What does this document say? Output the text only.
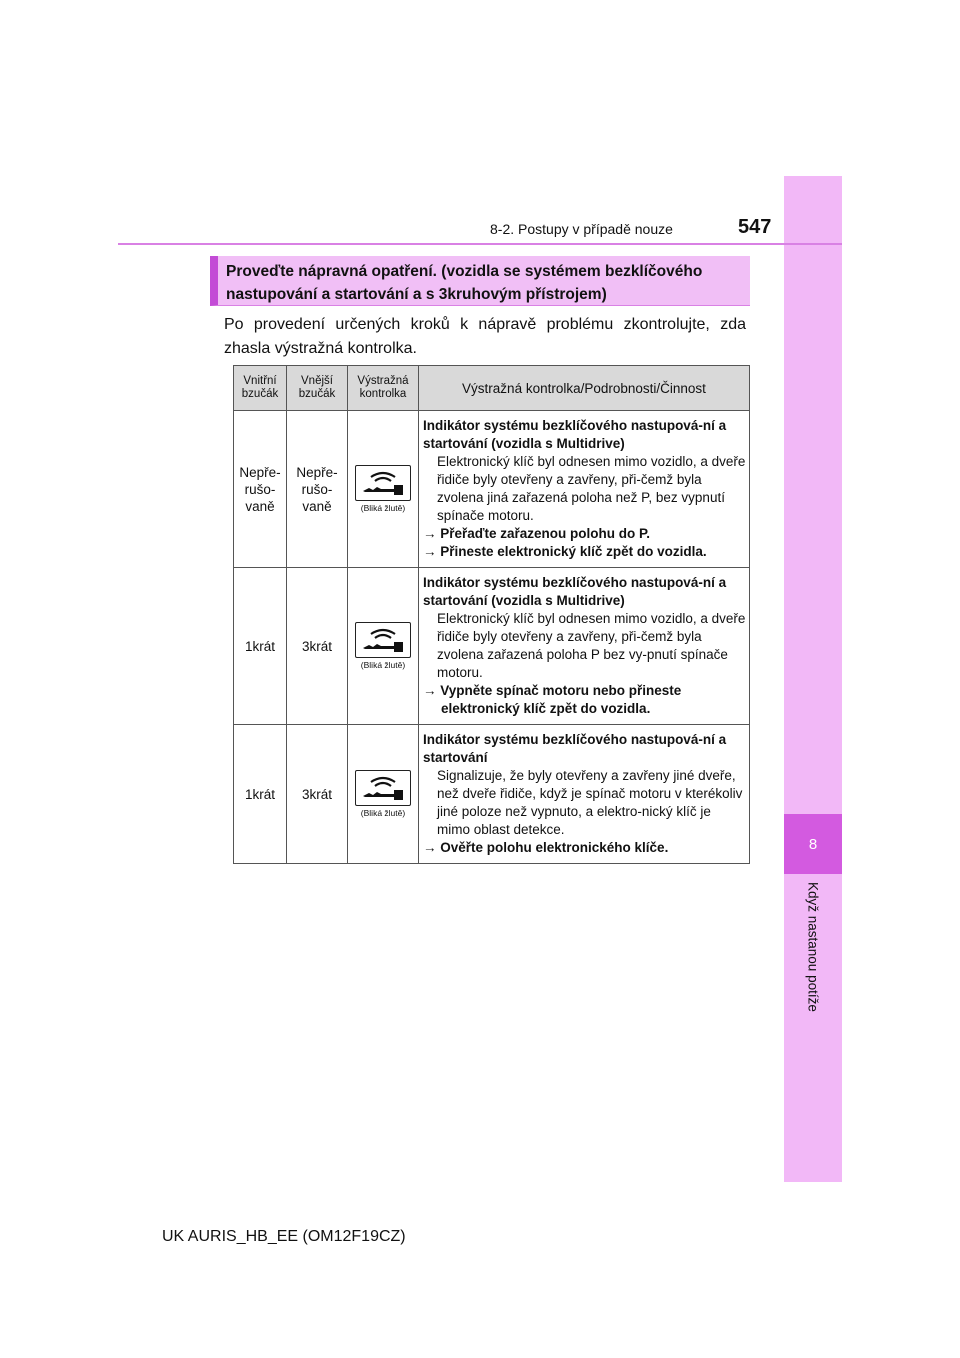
8
Když nastanou potíže
8-2. Postupy v případě nouze	547
Proveďte nápravná opatření. (vozidla se systémem bezklíčového nastupování a startování a s 3kruhovým přístrojem)
Po provedení určených kroků k nápravě problému zkontrolujte, zda zhasla výstražná kontrolka.
Vnitřní bzučák	Vnější bzučák	Výstražná kontrolka	Výstražná kontrolka/Podrobnosti/Činnost
Nepře-rušo-vaně	Nepře-rušo-vaně	(Bliká žlutě)	Indikátor systému bezklíčového nastupová-ní a startování (vozidla s Multidrive)
Elektronický klíč byl odnesen mimo vozidlo, a dveře řidiče byly otevřeny a zavřeny, při-čemž byla zvolena jiná zařazená poloha než P, bez vypnutí spínače motoru.
→ Přeřaďte zařazenou polohu do P.
→ Přineste elektronický klíč zpět do vozidla.

1krát	3krát	(Bliká žlutě)	Indikátor systému bezklíčového nastupová-ní a startování (vozidla s Multidrive)
Elektronický klíč byl odnesen mimo vozidlo, a dveře řidiče byly otevřeny a zavřeny, při-čemž byla zvolena zařazená poloha P bez vy-pnutí spínače motoru.
→ Vypněte spínač motoru nebo přineste elektronický klíč zpět do vozidla.

1krát	3krát	(Bliká žlutě)	Indikátor systému bezklíčového nastupová-ní a startování
Signalizuje, že byly otevřeny a zavřeny jiné dveře, než dveře řidiče, když je spínač motoru v kterékoliv jiné poloze než vypnuto, a elektro-nický klíč je mimo oblast detekce.
→ Ověřte polohu elektronického klíče.
UK AURIS_HB_EE (OM12F19CZ)
